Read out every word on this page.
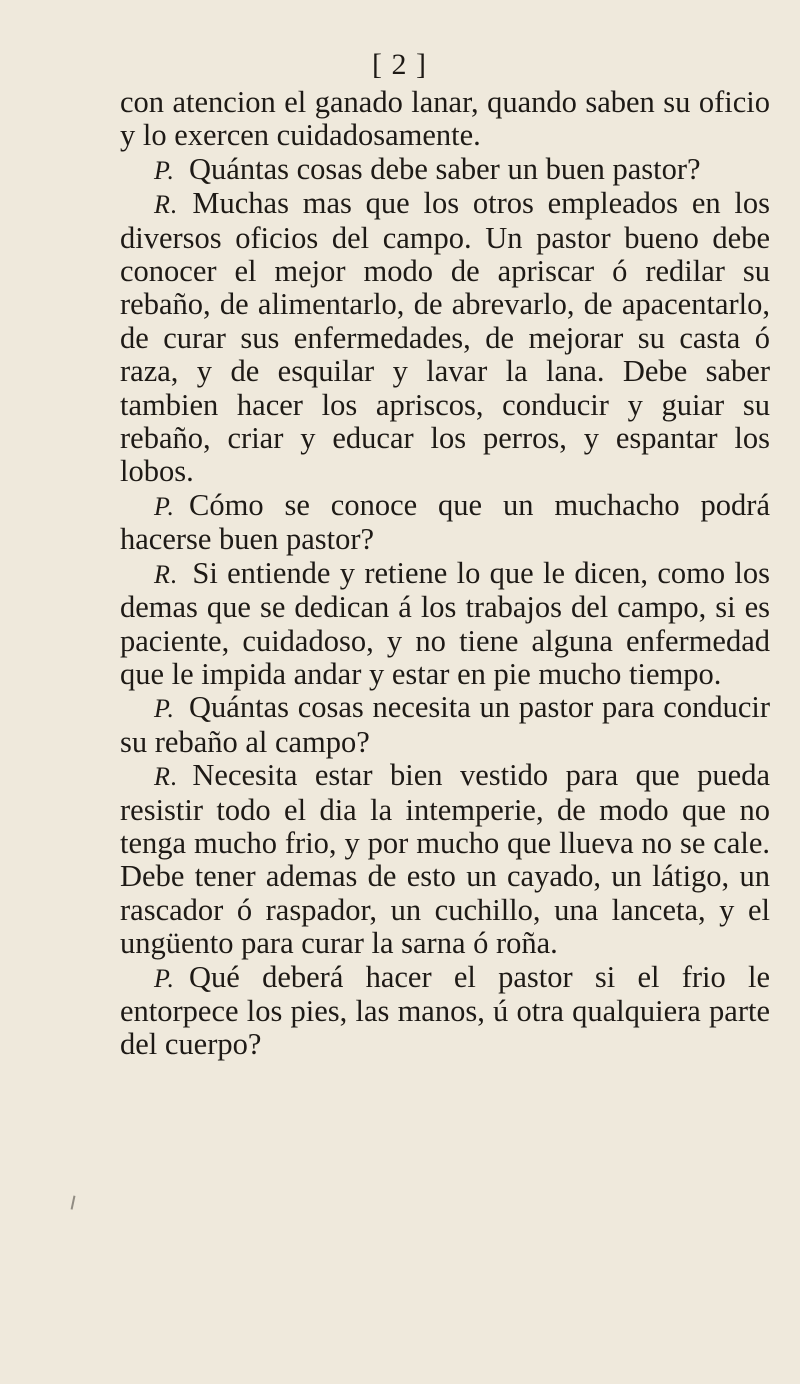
[ 2 ]

con atencion el ganado lanar, quando saben su oficio y lo exercen cuidadosamente.

P. Quántas cosas debe saber un buen pastor?

R. Muchas mas que los otros empleados en los diversos oficios del campo. Un pastor bueno debe conocer el mejor modo de apriscar ó redilar su rebaño, de alimentarlo, de abrevarlo, de apacentarlo, de curar sus enfermedades, de mejorar su casta ó raza, y de esquilar y lavar la lana. Debe saber tambien hacer los apriscos, conducir y guiar su rebaño, criar y educar los perros, y espantar los lobos.

P. Cómo se conoce que un muchacho podrá hacerse buen pastor?

R. Si entiende y retiene lo que le dicen, como los demas que se dedican á los trabajos del campo, si es paciente, cuidadoso, y no tiene alguna enfermedad que le impida andar y estar en pie mucho tiempo.

P. Quántas cosas necesita un pastor para conducir su rebaño al campo?

R. Necesita estar bien vestido para que pueda resistir todo el dia la intemperie, de modo que no tenga mucho frio, y por mucho que llueva no se cale. Debe tener ademas de esto un cayado, un látigo, un rascador ó raspador, un cuchillo, una lanceta, y el ungüento para curar la sarna ó roña.

P. Qué deberá hacer el pastor si el frio le entorpece los pies, las manos, ú otra qualquiera parte del cuerpo?
